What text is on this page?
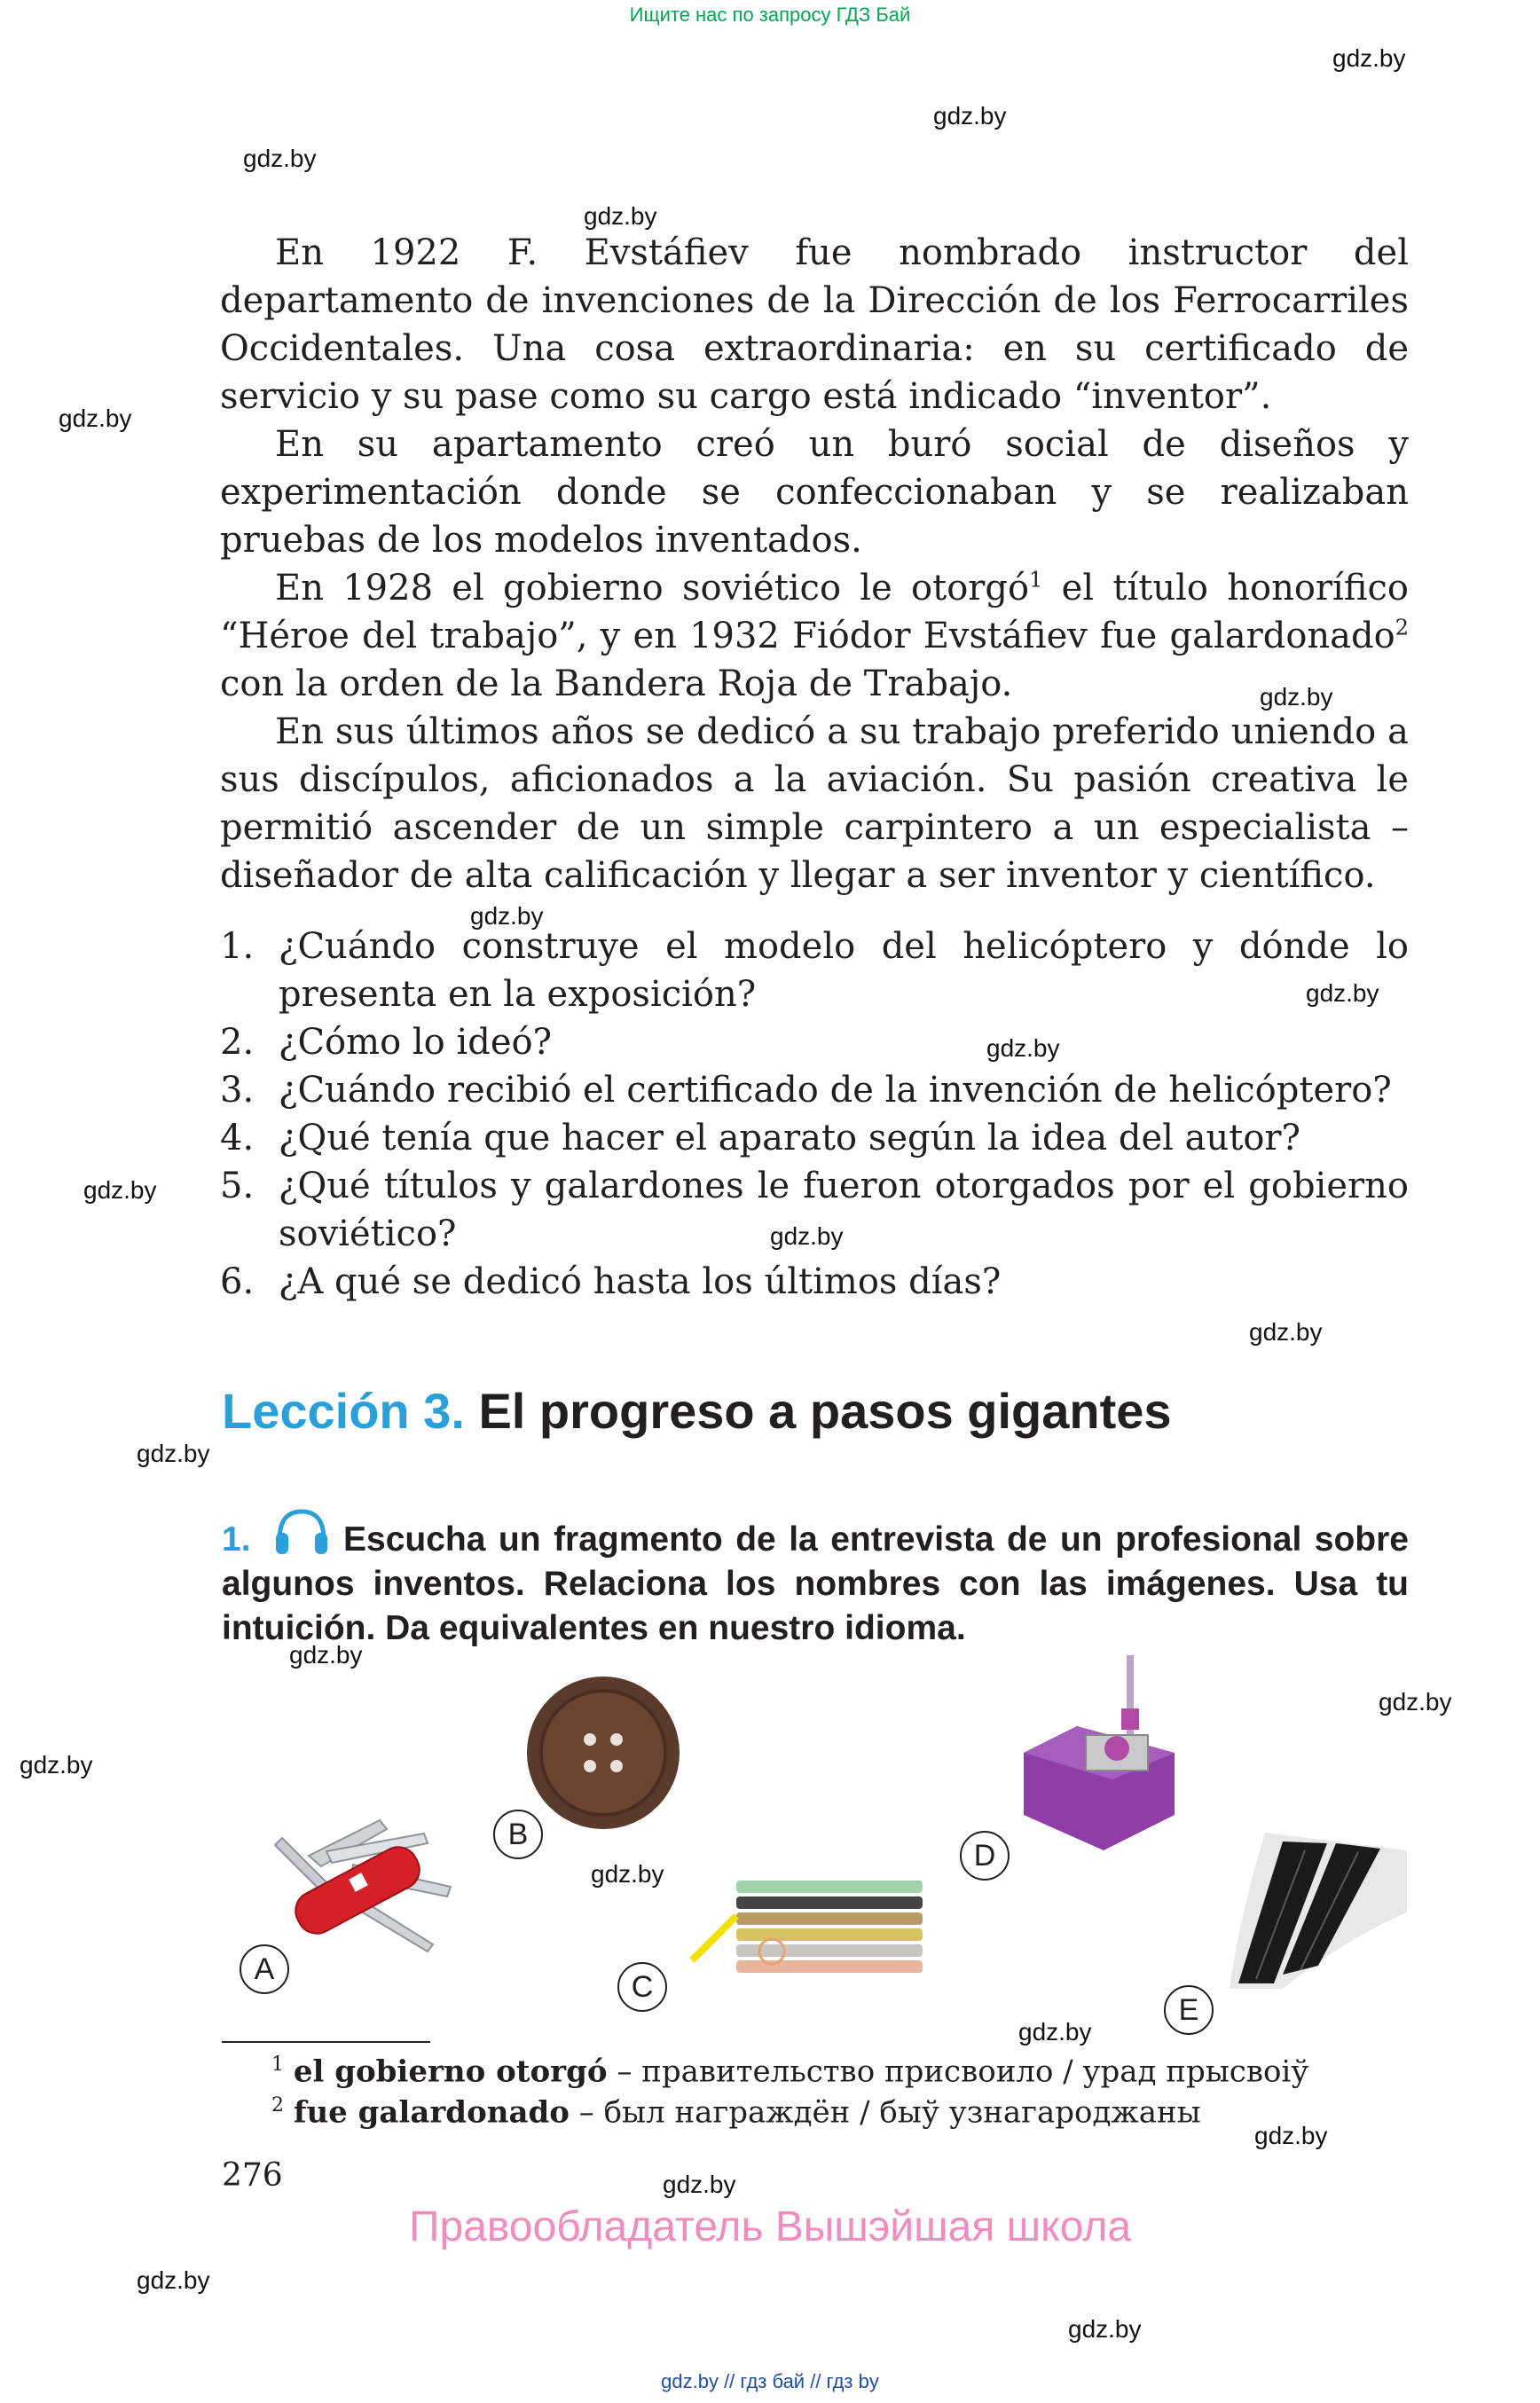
Ищите нас по запросу ГДЗ Бай
gdz.by
gdz.by
gdz.by
gdz.by
gdz.by
gdz.by
gdz.by
gdz.by
gdz.by
gdz.by
gdz.by
gdz.by
gdz.by
gdz.by
gdz.by
gdz.by
gdz.by
gdz.by
gdz.by
gdz.by
gdz.by
gdz.by

En 1922 F. Evstáfiev fue nombrado instructor del departamento de invenciones de la Dirección de los Ferrocarriles Occidentales. Una cosa extraordinaria: en su certificado de servicio y su pase como su cargo está indicado “inventor”.

En su apartamento creó un buró social de diseños y experimentación donde se confeccionaban y se realizaban pruebas de los modelos inventados.

En 1928 el gobierno soviético le otorgó$^1$ el título honorífico “Héroe del trabajo”, y en 1932 Fiódor Evstáfiev fue galardonado$^2$ con la orden de la Bandera Roja de Trabajo.

En sus últimos años se dedicó a su trabajo preferido uniendo a sus discípulos, aficionados a la aviación. Su pasión creativa le permitió ascender de un simple carpintero a un especialista – diseñador de alta calificación y llegar a ser inventor y científico.

1. ¿Cuándo construye el modelo del helicóptero y dónde lo presenta en la exposición?
2. ¿Cómo lo ideó?
3. ¿Cuándo recibió el certificado de la invención de helicóptero?
4. ¿Qué tenía que hacer el aparato según la idea del autor?
5. ¿Qué títulos y galardones le fueron otorgados por el gobierno soviético?
6. ¿A qué se dedicó hasta los últimos días?
Lección 3. El progreso a pasos gigantes

1.	Escucha un fragmento de la entrevista de un profesional sobre algunos inventos. Relaciona los nombres con las imágenes. Usa tu intuición. Da equivalentes en nuestro idioma.

A
B
C
D
E
$^1$ el gobierno otorgó – правительство присвоило / урад прысвоіў
$^2$ fue galardonado – был награждён / быў узнагароджаны
276
Правообладатель Вышэйшая школа
gdz.by // гдз бай // гдз by
